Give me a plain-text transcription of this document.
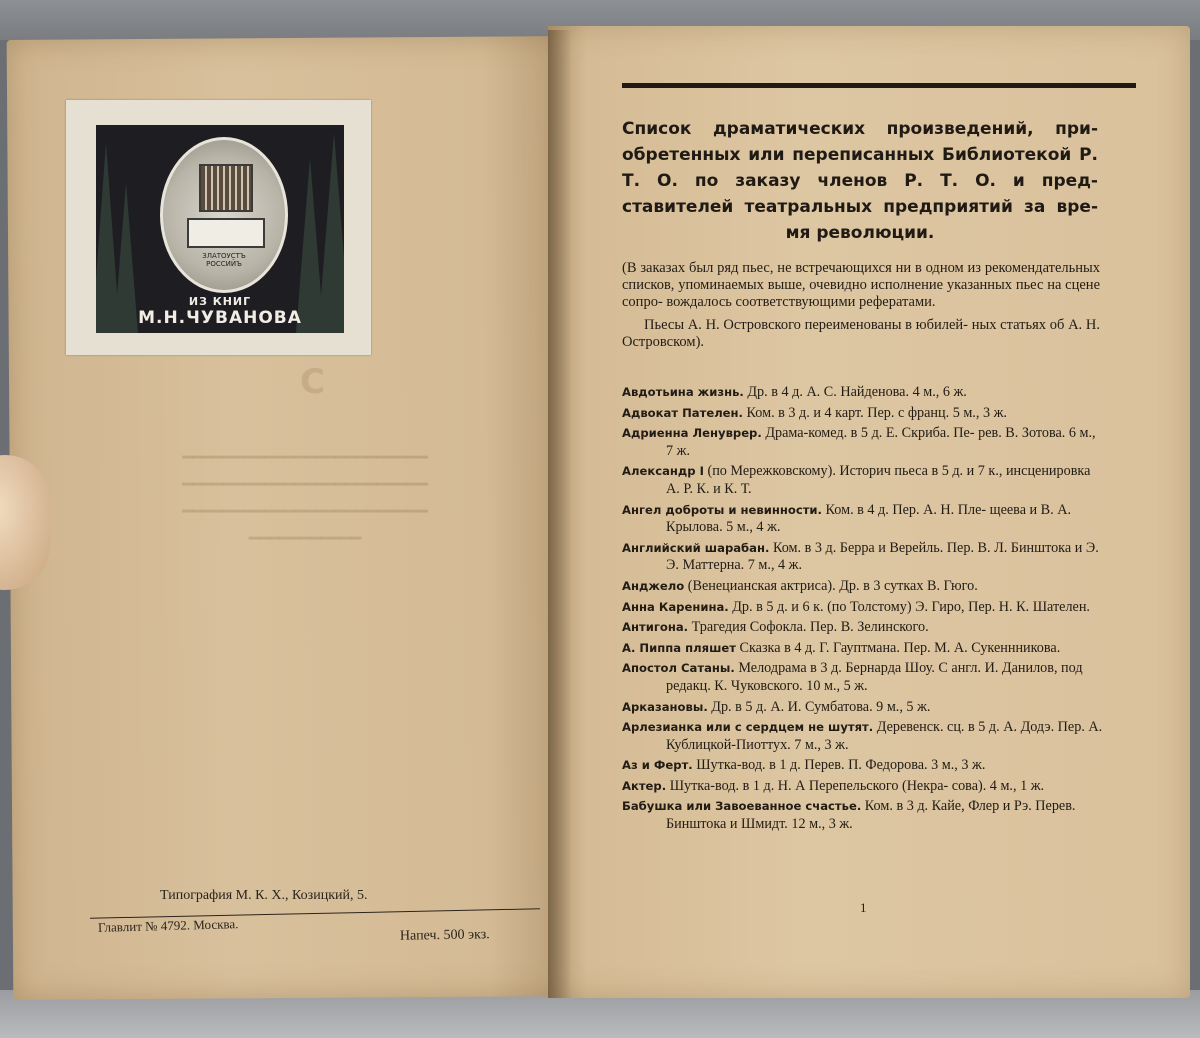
ЗЛАТОУСТЪ РОССИЙЪ
ИЗ КНИГ
М.Н.ЧУВАНОВА
С
━━━━━━━━━━━━━━━━━━━━━━━━
━━━━━━━━━━━━━━━━━━━━━━━━
━━━━━━━━━━━━━━━━━━━━━━━━
━━━━━━━━━━━
Типография М. К. Х., Козицкий, 5.
Главлит № 4792. Москва.
Напеч. 500 экз.
Список драматических произведений, при- обретенных или переписанных Библиотекой Р. Т. О. по заказу членов Р. Т. О. и пред- ставителей театральных предприятий за вре- мя революции.

(В заказах был ряд пьес, не встречающихся ни в одном из рекомендательных списков, упоминаемых выше, очевидно исполнение указанных пьес на сцене сопро- вождалось соответствующими рефератами.

Пьесы А. Н. Островского переименованы в юбилей- ных статьях об А. Н. Островском).

Авдотьина жизнь. Др. в 4 д. А. С. Найденова. 4 м., 6 ж.

Адвокат Пателен. Ком. в 3 д. и 4 карт. Пер. с франц. 5 м., 3 ж.

Адриенна Ленуврер. Драма-комед. в 5 д. Е. Скриба. Пе- рев. В. Зотова. 6 м., 7 ж.

Александр I (по Мережковскому). Историч пьеса в 5 д. и 7 к., инсценировка А. Р. К. и К. Т.

Ангел доброты и невинности. Ком. в 4 д. Пер. А. Н. Пле- щеева и В. А. Крылова. 5 м., 4 ж.

Английский шарабан. Ком. в 3 д. Берра и Верейль. Пер. В. Л. Бинштока и Э. Э. Маттерна. 7 м., 4 ж.

Анджело (Венецианская актриса). Др. в 3 сутках В. Гюго.

Анна Каренина. Др. в 5 д. и 6 к. (по Толстому) Э. Гиро, Пер. Н. К. Шателен.

Антигона. Трагедия Софокла. Пер. В. Зелинского.

А. Пиппа пляшет Сказка в 4 д. Г. Гауптмана. Пер. М. А. Сукеннникова.

Апостол Сатаны. Мелодрама в 3 д. Бернарда Шоу. С англ. И. Данилов, под редакц. К. Чуковского. 10 м., 5 ж.

Арказановы. Др. в 5 д. А. И. Сумбатова. 9 м., 5 ж.

Арлезианка или с сердцем не шутят. Деревенск. сц. в 5 д. А. Додэ. Пер. А. Кублицкой-Пиоттух. 7 м., 3 ж.

Аз и Ферт. Шутка-вод. в 1 д. Перев. П. Федорова. 3 м., 3 ж.

Актер. Шутка-вод. в 1 д. Н. А Перепельского (Некра- сова). 4 м., 1 ж.

Бабушка или Завоеванное счастье. Ком. в 3 д. Кайе, Флер и Рэ. Перев. Бинштока и Шмидт. 12 м., 3 ж.

1
